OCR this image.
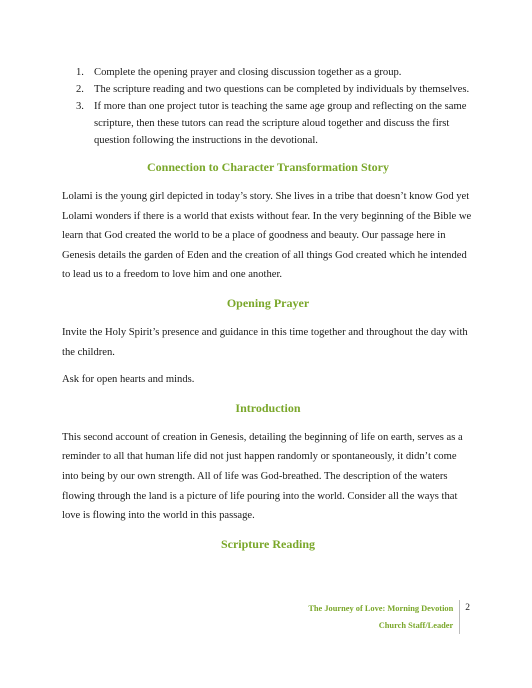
1. Complete the opening prayer and closing discussion together as a group.
2. The scripture reading and two questions can be completed by individuals by themselves.
3. If more than one project tutor is teaching the same age group and reflecting on the same scripture, then these tutors can read the scripture aloud together and discuss the first question following the instructions in the devotional.
Connection to Character Transformation Story

Lolami is the young girl depicted in today’s story. She lives in a tribe that doesn’t know God yet Lolami wonders if there is a world that exists without fear. In the very beginning of the Bible we learn that God created the world to be a place of goodness and beauty. Our passage here in Genesis details the garden of Eden and the creation of all things God created which he intended to lead us to a freedom to love him and one another.

Opening Prayer

Invite the Holy Spirit’s presence and guidance in this time together and throughout the day with the children.

Ask for open hearts and minds.

Introduction

This second account of creation in Genesis, detailing the beginning of life on earth, serves as a reminder to all that human life did not just happen randomly or spontaneously, it didn’t come into being by our own strength. All of life was God-breathed. The description of the waters flowing through the land is a picture of life pouring into the world. Consider all the ways that love is flowing into the world in this passage.

Scripture Reading
The Journey of Love: Morning Devotion
Church Staff/Leader
2
